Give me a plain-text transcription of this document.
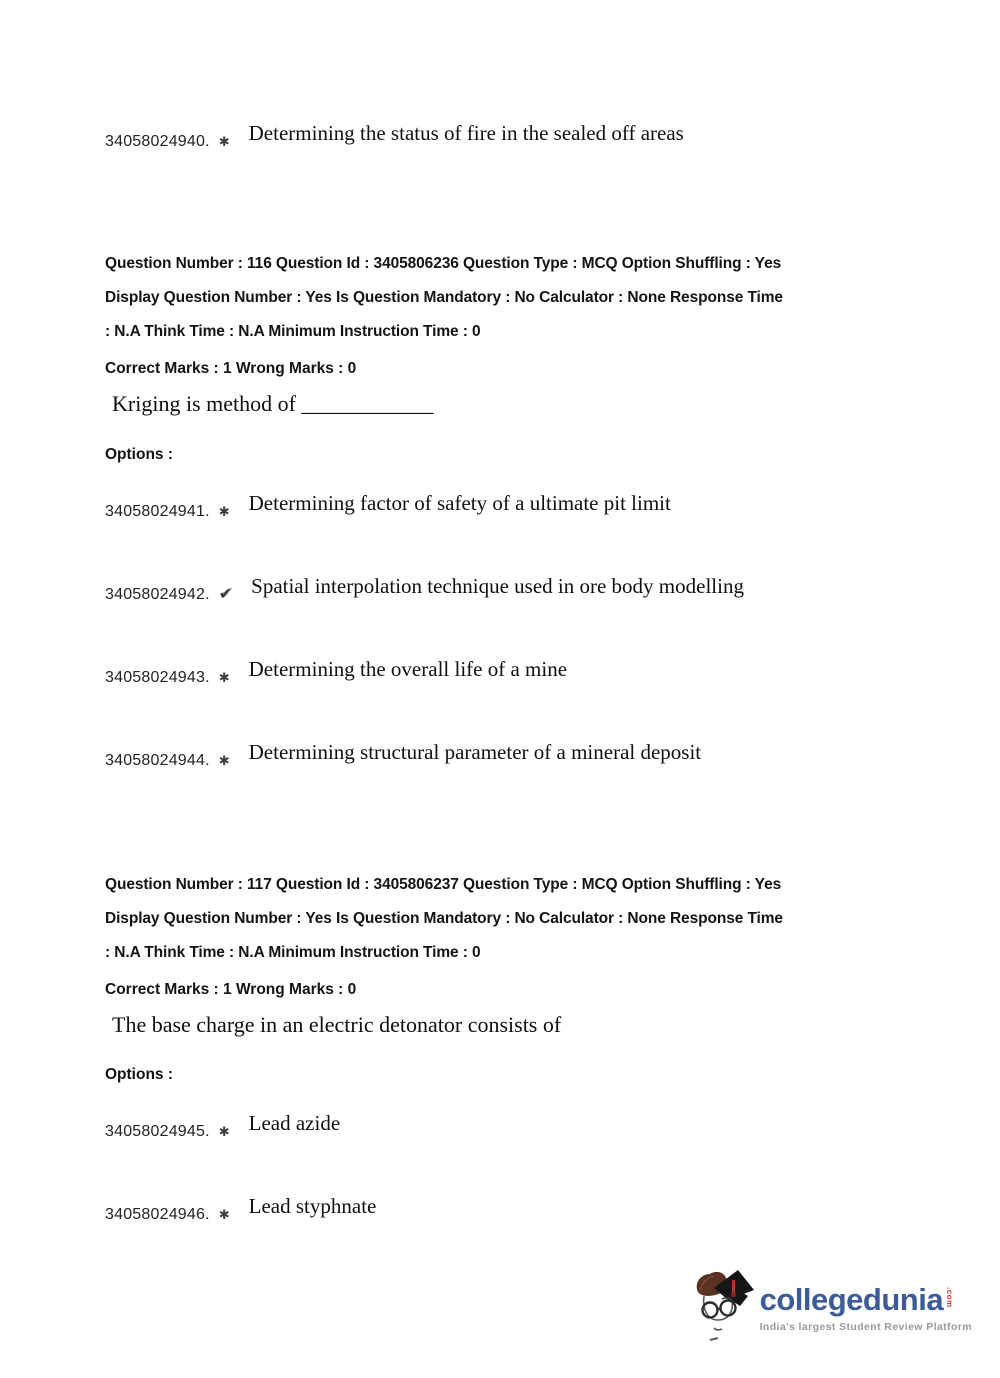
34058024940. ✱ Determining the status of fire in the sealed off areas
Question Number : 116 Question Id : 3405806236 Question Type : MCQ Option Shuffling : Yes
Display Question Number : Yes Is Question Mandatory : No Calculator : None Response Time
: N.A Think Time : N.A Minimum Instruction Time : 0
Correct Marks : 1 Wrong Marks : 0
Kriging is method of ____________
Options :
34058024941. ✱ Determining factor of safety of a ultimate pit limit
34058024942. ✔ Spatial interpolation technique used in ore body modelling
34058024943. ✱ Determining the overall life of a mine
34058024944. ✱ Determining structural parameter of a mineral deposit
Question Number : 117 Question Id : 3405806237 Question Type : MCQ Option Shuffling : Yes
Display Question Number : Yes Is Question Mandatory : No Calculator : None Response Time
: N.A Think Time : N.A Minimum Instruction Time : 0
Correct Marks : 1 Wrong Marks : 0
The base charge in an electric detonator consists of
Options :
34058024945. ✱ Lead azide
34058024946. ✱ Lead styphnate
collegedunia .com
India's largest Student Review Platform
